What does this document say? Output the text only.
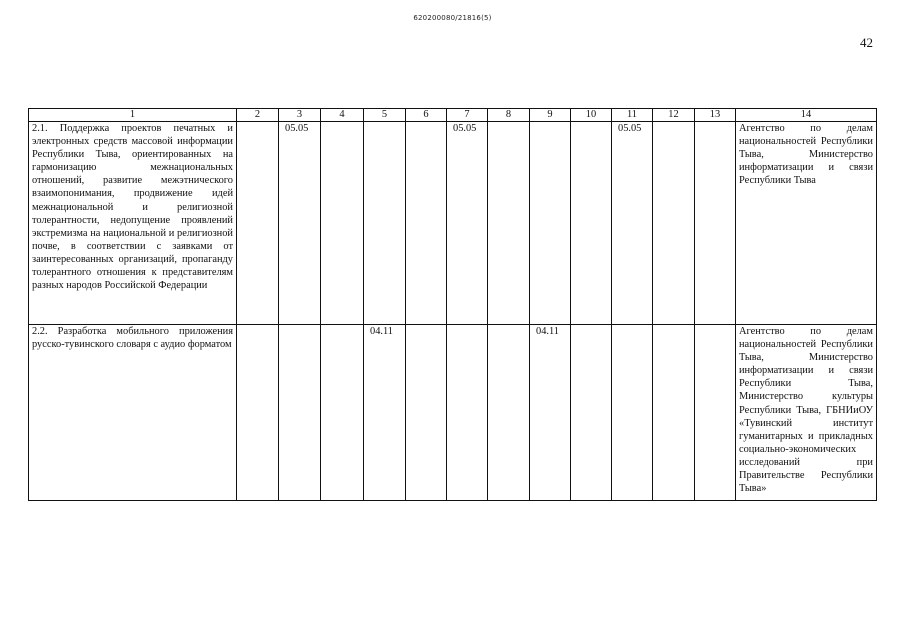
620200080/21816(5)
42
1	2	3	4	5	6	7	8	9	10	11	12	13	14
2.1. Поддержка проектов печатных и электронных средств массовой информации Республики Тыва, ориентированных на гармонизацию межнациональных отношений, развитие межэтнического взаимопонимания, продвижение идей межнациональной и религиозной толерантности, недопущение проявлений экстремизма на национальной и религиозной почве, в соответствии с заявками от заинтересованных организаций, пропаганду толерантного отношения к представителям разных народов Российской Федерации		05.05				05.05				05.05			Агентство по делам национальностей Республики Тыва, Министерство информатизации и связи Республики Тыва
2.2. Разработка мобильного приложения русско-тувинского словаря с аудио форматом				04.11				04.11					Агентство по делам национальностей Республики Тыва, Министерство информатизации и связи Республики Тыва, Министерство культуры Республики Тыва, ГБНИиОУ «Тувинский институт гуманитарных и прикладных социально-экономических исследований при Правительстве Республики Тыва»
